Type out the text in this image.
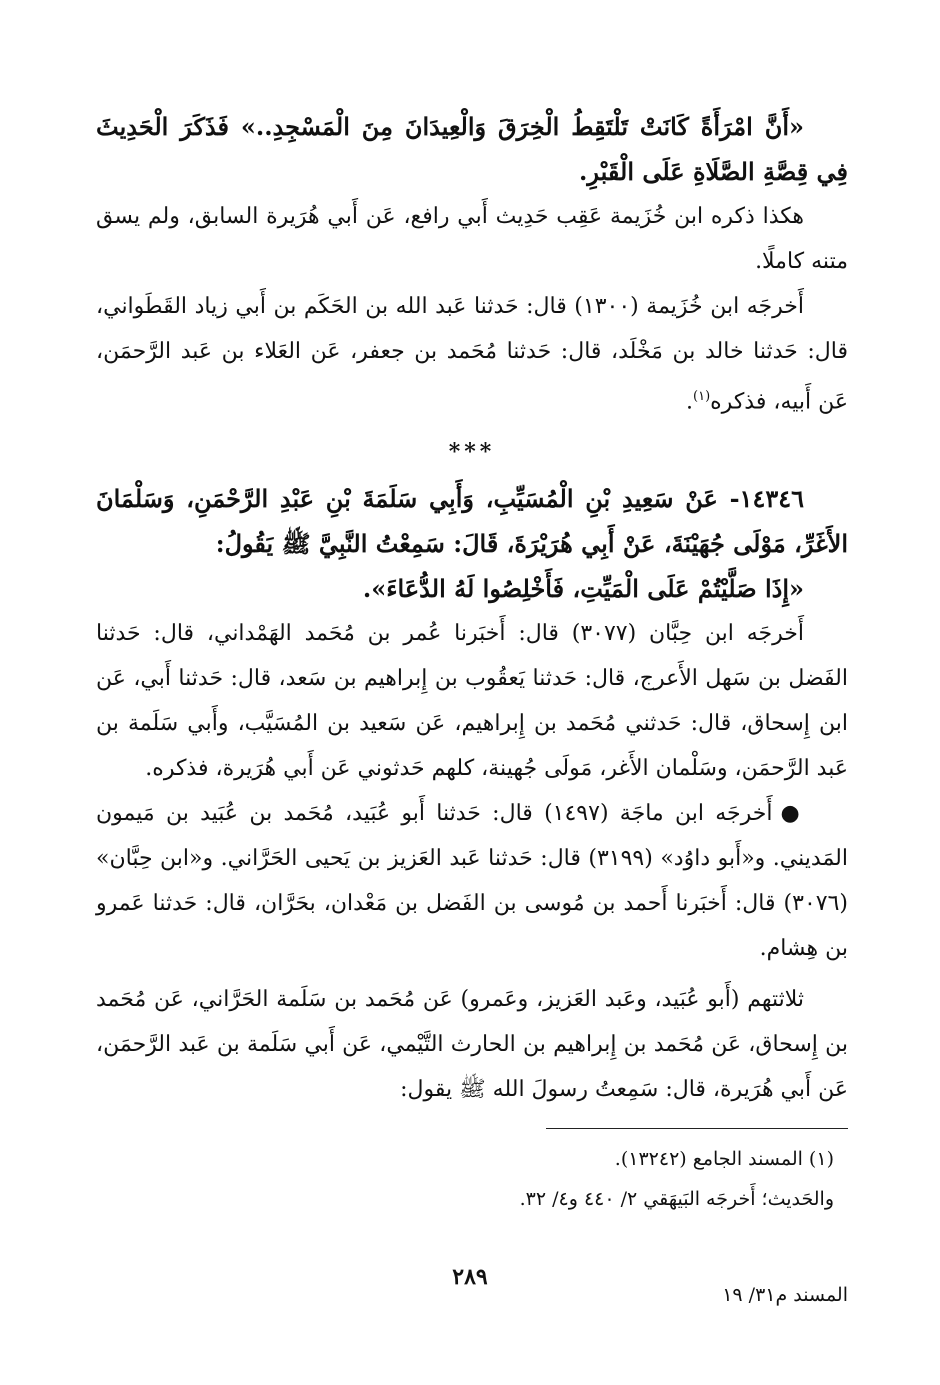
«أَنَّ امْرَأَةً كَانَتْ تَلْتَقِطُ الْخِرَقَ وَالْعِيدَانَ مِنَ الْمَسْجِدِ..» فَذَكَرَ الْحَدِيثَ فِي قِصَّةِ الصَّلَاةِ عَلَى الْقَبْرِ.

هكذا ذكره ابن خُزَيمة عَقِب حَدِيث أَبي رافع، عَن أَبي هُرَيرة السابق، ولم يسق متنه كاملًا.

أَخرجَه ابن خُزَيمة (١٣٠٠) قال: حَدثنا عَبد الله بن الحَكَم بن أَبي زياد القَطَواني، قال: حَدثنا خالد بن مَخْلَد، قال: حَدثنا مُحَمد بن جعفر، عَن العَلاء بن عَبد الرَّحمَن، عَن أَبيه، فذكره$^{(١)}$.

***

١٤٣٤٦- عَنْ سَعِيدِ بْنِ الْمُسَيِّبِ، وَأَبِي سَلَمَةَ بْنِ عَبْدِ الرَّحْمَنِ، وَسَلْمَانَ الأَغَرِّ، مَوْلَى جُهَيْنَةَ، عَنْ أَبِي هُرَيْرَةَ، قَالَ: سَمِعْتُ النَّبِيَّ ﷺ يَقُولُ:

«إِذَا صَلَّيْتُمْ عَلَى الْمَيِّتِ، فَأَخْلِصُوا لَهُ الدُّعَاءَ».

أَخرجَه ابن حِبَّان (٣٠٧٧) قال: أَخبَرنا عُمر بن مُحَمد الهَمْداني، قال: حَدثنا الفَضل بن سَهل الأَعرج، قال: حَدثنا يَعقُوب بن إِبراهيم بن سَعد، قال: حَدثنا أَبي، عَن ابن إِسحاق، قال: حَدثني مُحَمد بن إِبراهيم، عَن سَعيد بن المُسَيَّب، وأَبي سَلَمة بن عَبد الرَّحمَن، وسَلْمان الأَغر، مَولَى جُهينة، كلهم حَدثوني عَن أَبي هُرَيرة، فذكره.

●أَخرجَه ابن ماجَة (١٤٩٧) قال: حَدثنا أَبو عُبَيد، مُحَمد بن عُبَيد بن مَيمون المَديني. و«أَبو داوُد» (٣١٩٩) قال: حَدثنا عَبد العَزيز بن يَحيى الحَرَّاني. و«ابن حِبَّان» (٣٠٧٦) قال: أَخبَرنا أَحمد بن مُوسى بن الفَضل بن مَعْدان، بحَرَّان، قال: حَدثنا عَمرو بن هِشام.

ثلاثتهم (أَبو عُبَيد، وعَبد العَزيز، وعَمرو) عَن مُحَمد بن سَلَمة الحَرَّاني، عَن مُحَمد بن إِسحاق، عَن مُحَمد بن إِبراهيم بن الحارث التَّيْمي، عَن أَبي سَلَمة بن عَبد الرَّحمَن، عَن أَبي هُرَيرة، قال: سَمِعتُ رسولَ الله ﷺ يقول:

(١) المسند الجامع (١٣٢٤٢).

والحَديث؛ أَخرجَه البَيهَقي ٢/ ٤٤٠ و٤/ ٣٢.

٢٨٩
المسند م٣١/ ١٩
